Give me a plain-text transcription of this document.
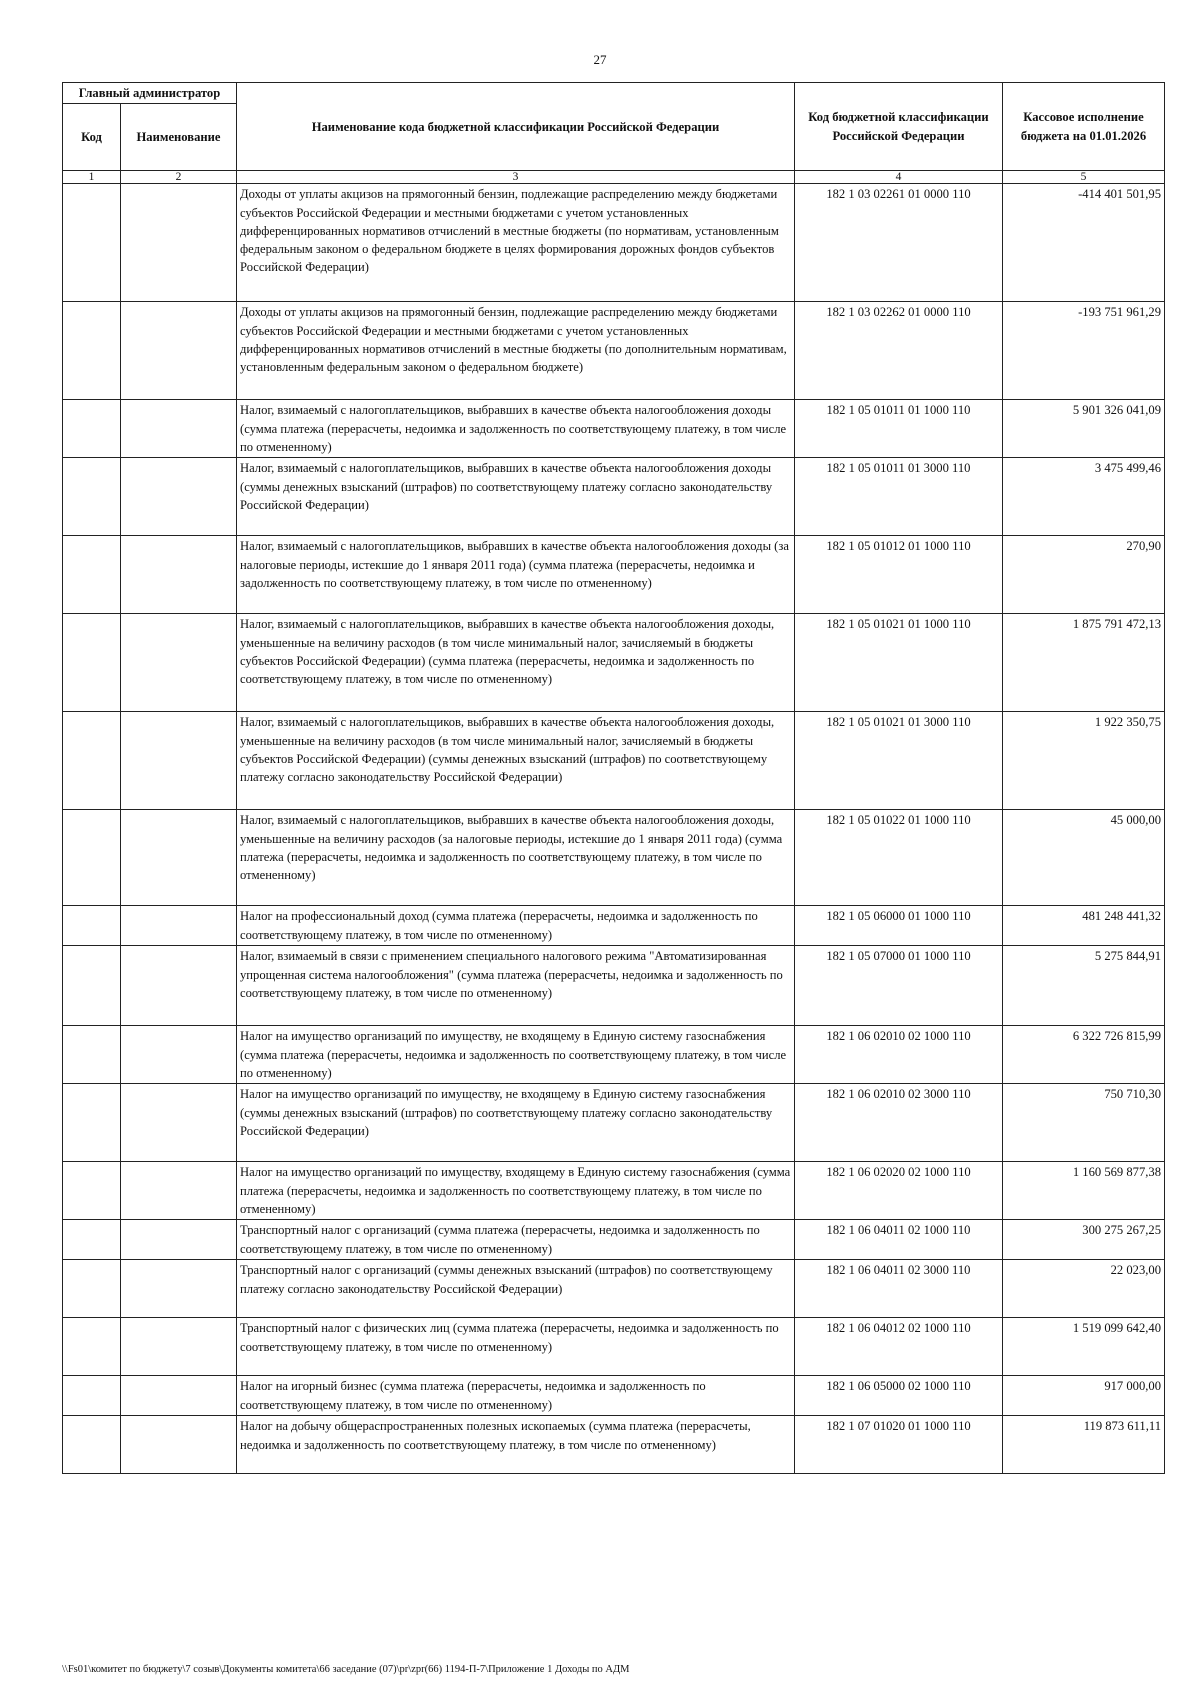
27
Главный администратор		Наименование кода бюджетной классификации Российской Федерации	Код бюджетной классификации Российской Федерации	Кассовое исполнение бюджета на 01.01.2026
Код	Наименование			
1	2	3	4	5
		Доходы от уплаты акцизов на прямогонный бензин, подлежащие распределению между бюджетами субъектов Российской Федерации и местными бюджетами с учетом установленных дифференцированных нормативов отчислений в местные бюджеты (по нормативам, установленным федеральным законом о федеральном бюджете в целях формирования дорожных фондов субъектов Российской Федерации)	182 1 03 02261 01 0000 110	-414 401 501,95
		Доходы от уплаты акцизов на прямогонный бензин, подлежащие распределению между бюджетами субъектов Российской Федерации и местными бюджетами с учетом установленных дифференцированных нормативов отчислений в местные бюджеты (по дополнительным нормативам, установленным федеральным законом о федеральном бюджете)	182 1 03 02262 01 0000 110	-193 751 961,29
		Налог, взимаемый с налогоплательщиков, выбравших в качестве объекта налогообложения доходы (сумма платежа (перерасчеты, недоимка и задолженность по соответствующему платежу, в том числе по отмененному)	182 1 05 01011 01 1000 110	5 901 326 041,09
		Налог, взимаемый с налогоплательщиков, выбравших в качестве объекта налогообложения доходы (суммы денежных взысканий (штрафов) по соответствующему платежу согласно законодательству Российской Федерации)	182 1 05 01011 01 3000 110	3 475 499,46
		Налог, взимаемый с налогоплательщиков, выбравших в качестве объекта налогообложения доходы (за налоговые периоды, истекшие до 1 января 2011 года) (сумма платежа (перерасчеты, недоимка и задолженность по соответствующему платежу, в том числе по отмененному)	182 1 05 01012 01 1000 110	270,90
		Налог, взимаемый с налогоплательщиков, выбравших в качестве объекта налогообложения доходы, уменьшенные на величину расходов (в том числе минимальный налог, зачисляемый в бюджеты субъектов Российской Федерации) (сумма платежа (перерасчеты, недоимка и задолженность по соответствующему платежу, в том числе по отмененному)	182 1 05 01021 01 1000 110	1 875 791 472,13
		Налог, взимаемый с налогоплательщиков, выбравших в качестве объекта налогообложения доходы, уменьшенные на величину расходов (в том числе минимальный налог, зачисляемый в бюджеты субъектов Российской Федерации) (суммы денежных взысканий (штрафов) по соответствующему платежу согласно законодательству Российской Федерации)	182 1 05 01021 01 3000 110	1 922 350,75
		Налог, взимаемый с налогоплательщиков, выбравших в качестве объекта налогообложения доходы, уменьшенные на величину расходов (за налоговые периоды, истекшие до 1 января 2011 года) (сумма платежа (перерасчеты, недоимка и задолженность по соответствующему платежу, в том числе по отмененному)	182 1 05 01022 01 1000 110	45 000,00
		Налог на профессиональный доход (сумма платежа (перерасчеты, недоимка и задолженность по соответствующему платежу, в том числе по отмененному)	182 1 05 06000 01 1000 110	481 248 441,32
		Налог, взимаемый в связи с применением специального налогового режима "Автоматизированная упрощенная система налогообложения" (сумма платежа (перерасчеты, недоимка и задолженность по соответствующему платежу, в том числе по отмененному)	182 1 05 07000 01 1000 110	5 275 844,91
		Налог на имущество организаций по имуществу, не входящему в Единую систему газоснабжения (сумма платежа (перерасчеты, недоимка и задолженность по соответствующему платежу, в том числе по отмененному)	182 1 06 02010 02 1000 110	6 322 726 815,99
		Налог на имущество организаций по имуществу, не входящему в Единую систему газоснабжения (суммы денежных взысканий (штрафов) по соответствующему платежу согласно законодательству Российской Федерации)	182 1 06 02010 02 3000 110	750 710,30
		Налог на имущество организаций по имуществу, входящему в Единую систему газоснабжения (сумма платежа (перерасчеты, недоимка и задолженность по соответствующему платежу, в том числе по отмененному)	182 1 06 02020 02 1000 110	1 160 569 877,38
		Транспортный налог с организаций (сумма платежа (перерасчеты, недоимка и задолженность по соответствующему платежу, в том числе по отмененному)	182 1 06 04011 02 1000 110	300 275 267,25
		Транспортный налог с организаций (суммы денежных взысканий (штрафов) по соответствующему платежу согласно законодательству Российской Федерации)	182 1 06 04011 02 3000 110	22 023,00
		Транспортный налог с физических лиц (сумма платежа (перерасчеты, недоимка и задолженность по соответствующему платежу, в том числе по отмененному)	182 1 06 04012 02 1000 110	1 519 099 642,40
		Налог на игорный бизнес (сумма платежа (перерасчеты, недоимка и задолженность по соответствующему платежу, в том числе по отмененному)	182 1 06 05000 02 1000 110	917 000,00
		Налог на добычу общераспространенных полезных ископаемых (сумма платежа (перерасчеты, недоимка и задолженность по соответствующему платежу, в том числе по отмененному)	182 1 07 01020 01 1000 110	119 873 611,11
\\Fs01\комитет по бюджету\7 созыв\Документы комитета\66 заседание (07)\pr\zpr(66) 1194-П-7\Приложение 1 Доходы по АДМ
